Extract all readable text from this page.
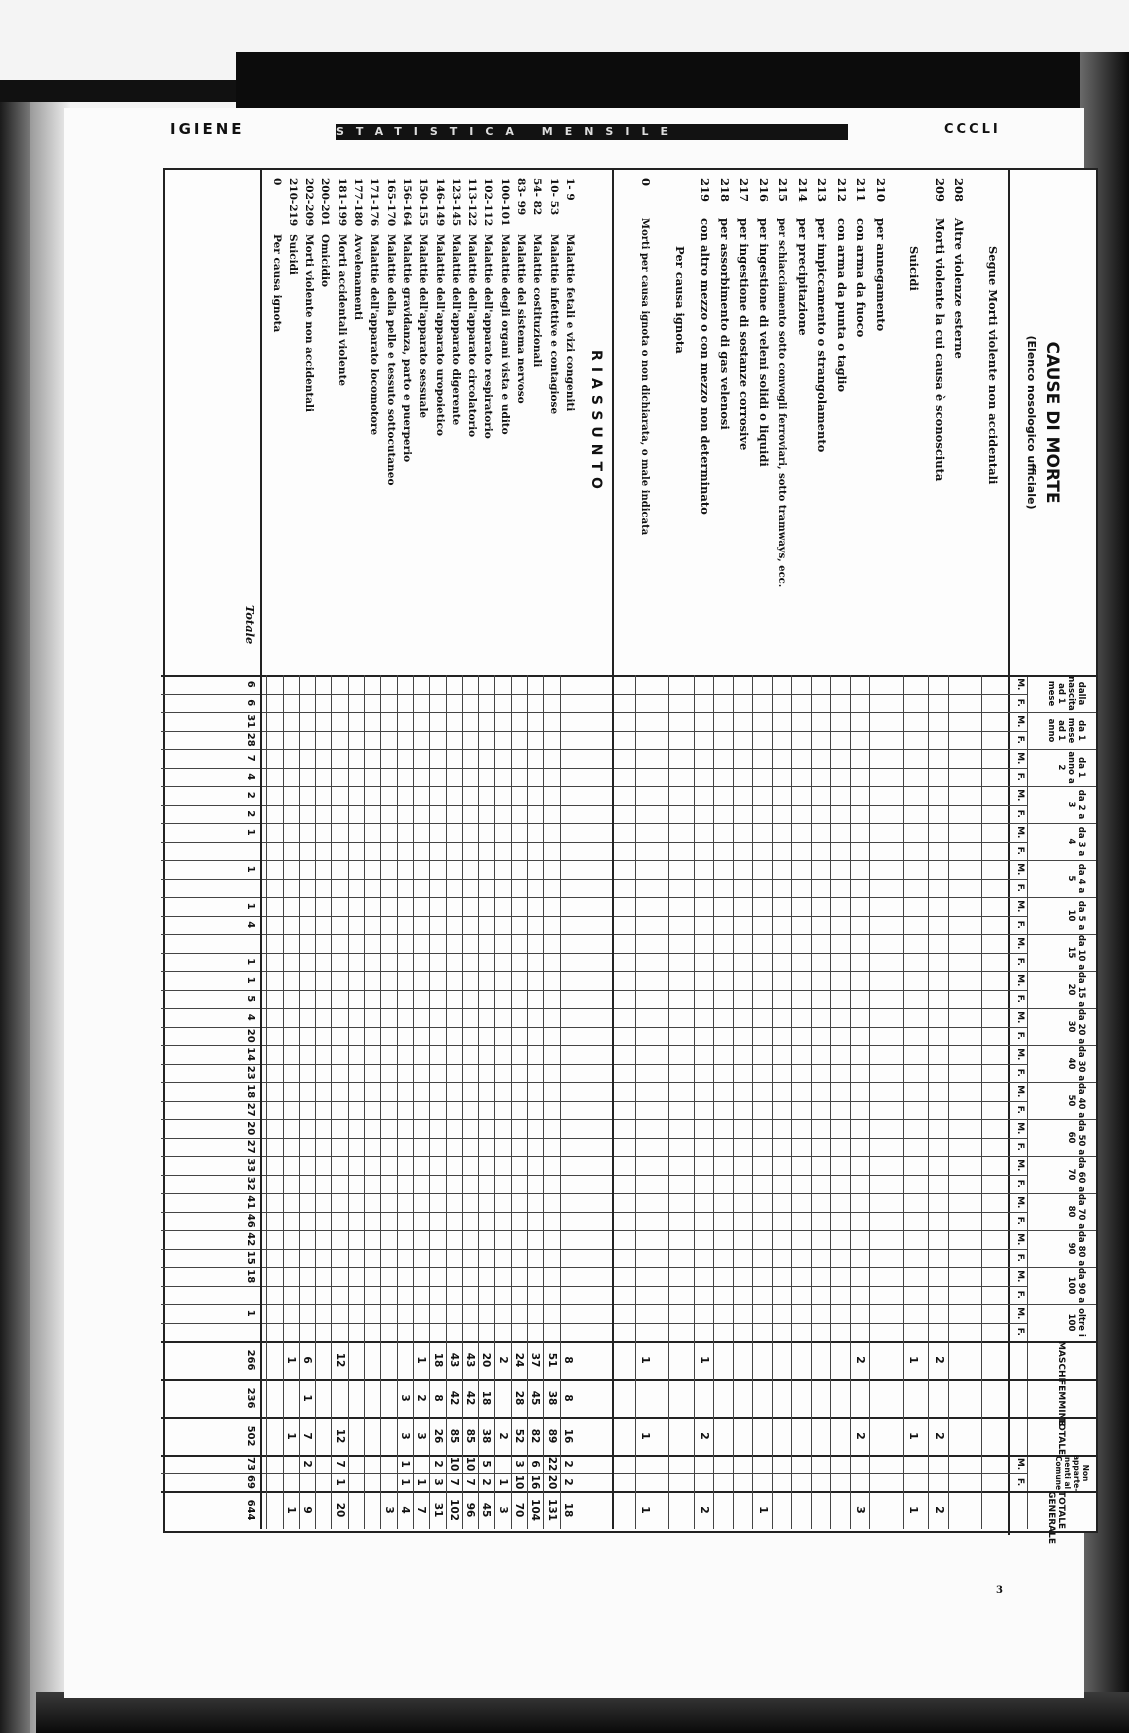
IGIENE	STATISTICA MENSILE	CCCLI
CAUSE DI MORTE
(Elenco nosologico ufficiale)
dalla nascita ad 1 mese
M.
F.
da 1 mese ad 1 anno
M.
F.
da 1 anno a 2
M.
F.
da 2 a 3
M.
F.
da 3 a 4
M.
F.
da 4 a 5
M.
F.
da 5 a 10
M.
F.
da 10 a 15
M.
F.
da 15 a 20
M.
F.
da 20 a 30
M.
F.
da 30 a 40
M.
F.
da 40 a 50
M.
F.
da 50 a 60
M.
F.
da 60 a 70
M.
F.
da 70 a 80
M.
F.
da 80 a 90
M.
F.
da 90 a 100
M.
F.
oltre i 100
M.
F.
MASCHI
FEMMINE
TOTALE
Non apparte- nenti al Comune
M.
F.
TOTALE GENERALE
Segue Morti violente non accidentali
208Altre violenze esterne
209Morti violente la cui causa è sconosciuta
Suicidi
210per annegamento
211con arma da fuoco
212con arma da punta o taglio
213per impiccamento o strangolamento
214per precipitazione
215per schiacciamento sotto convogli ferroviari, sotto tramways, ecc.
216per ingestione di veleni solidi o liquidi
217per ingestione di sostanze corrosive
218per assorbimento di gas velenosi
219con altro mezzo o con mezzo non determinato
Per causa ignota
0Morti per causa ignota o non dichiarata, o male indicata
2
2
2
1
1
1
2
2
3
1
1
2
2
1
1
1
RIASSUNTO
1- 9Malattie fetali e vizi congeniti
8
8
16
2
2
18
10- 53Malattie infettive e contagiose
51
38
89
22
20
131
54- 82Malattie costituzionali
37
45
82
6
16
104
83- 99Malattie del sistema nervoso
24
28
52
3
10
70
100-101Malattie degli organi vista e udito
2
2
1
3
102-112Malattie dell'apparato respiratorio
20
18
38
5
2
45
113-122Malattie dell'apparato circolatorio
43
42
85
10
7
96
123-145Malattie dell'apparato digerente
43
42
85
10
7
102
146-149Malattie dell'apparato uropoietico
18
8
26
2
3
31
150-155Malattie dell'apparato sessuale
1
2
3
1
7
156-164Malattie gravidanza, parto e puerperio
3
3
1
1
4
165-170Malattie della pelle e tessuto sottocutaneo
3
171-176Malattie dell'apparato locomotore
177-180Avvelenamenti
181-199Morti accidentali violente
12
12
7
1
20
200-201Omicidio
202-209Morti violente non accidentali
6
1
7
2
9
210-219Suicidi
1
1
1
0Per causa ignota
Totale
6
6
31
28
7
4
2
2
1
1
1
4
1
1
5
4
20
14
23
18
27
20
27
33
32
41
46
42
15
18
1
266
236
502
73
69
644
3
